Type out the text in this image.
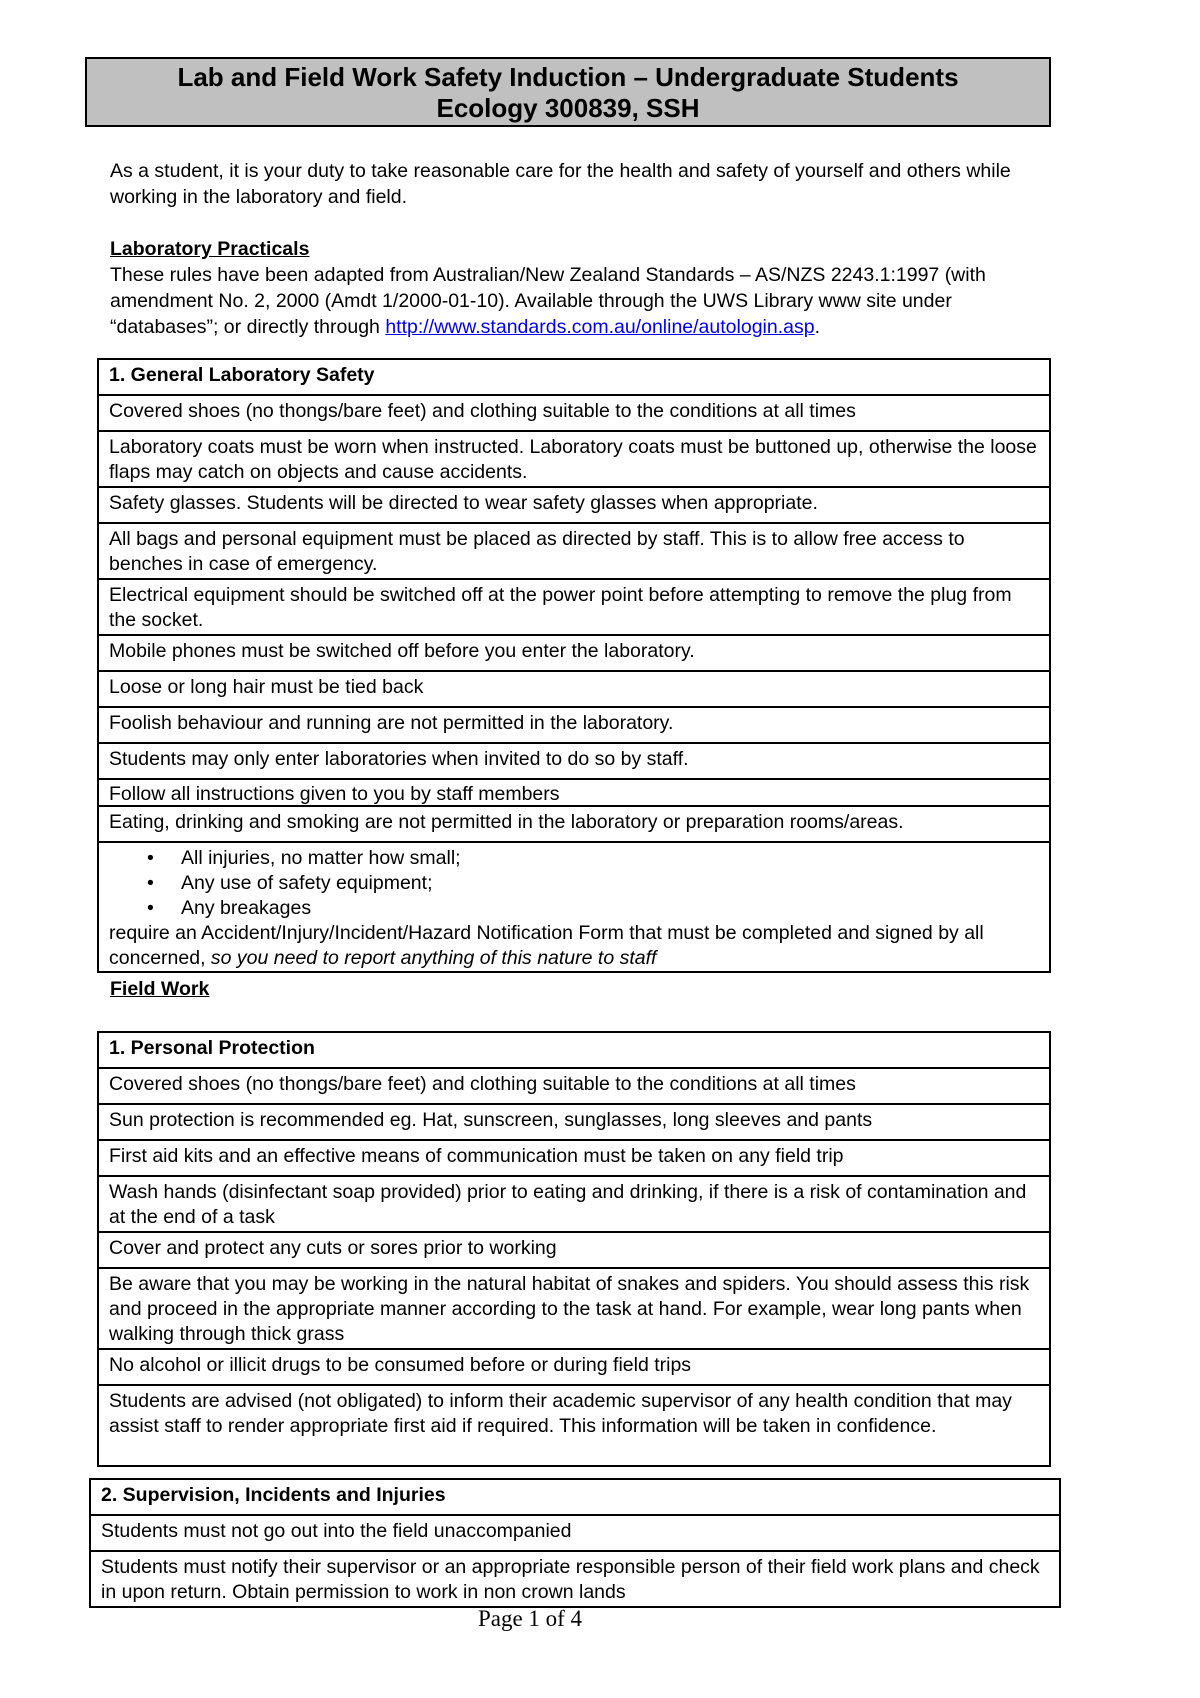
Lab and Field Work Safety Induction – Undergraduate Students
Ecology 300839, SSH

As a student, it is your duty to take reasonable care for the health and safety of yourself and others while working in the laboratory and field.

Laboratory Practicals

These rules have been adapted from Australian/New Zealand Standards – AS/NZS 2243.1:1997 (with amendment No. 2, 2000 (Amdt 1/2000-01-10). Available through the UWS Library www site under “databases”; or directly through http://www.standards.com.au/online/autologin.asp.

1. General Laboratory Safety
Covered shoes (no thongs/bare feet) and clothing suitable to the conditions at all times
Laboratory coats must be worn when instructed. Laboratory coats must be buttoned up, otherwise the loose flaps may catch on objects and cause accidents.
Safety glasses. Students will be directed to wear safety glasses when appropriate.
All bags and personal equipment must be placed as directed by staff. This is to allow free access to benches in case of emergency.
Electrical equipment should be switched off at the power point before attempting to remove the plug from the socket.
Mobile phones must be switched off before you enter the laboratory.
Loose or long hair must be tied back
Foolish behaviour and running are not permitted in the laboratory.
Students may only enter laboratories when invited to do so by staff.
Follow all instructions given to you by staff members
Eating, drinking and smoking are not permitted in the laboratory or preparation rooms/areas.

• All injuries, no matter how small;
• Any use of safety equipment;
• Any breakages
require an Accident/Injury/Incident/Hazard Notification Form that must be completed and signed by all concerned, so you need to report anything of this nature to staff
Field Work
1. Personal Protection
Covered shoes (no thongs/bare feet) and clothing suitable to the conditions at all times
Sun protection is recommended eg. Hat, sunscreen, sunglasses, long sleeves and pants
First aid kits and an effective means of communication must be taken on any field trip
Wash hands (disinfectant soap provided) prior to eating and drinking, if there is a risk of contamination and at the end of a task
Cover and protect any cuts or sores prior to working
Be aware that you may be working in the natural habitat of snakes and spiders. You should assess this risk and proceed in the appropriate manner according to the task at hand. For example, wear long pants when walking through thick grass
No alcohol or illicit drugs to be consumed before or during field trips
Students are advised (not obligated) to inform their academic supervisor of any health condition that may assist staff to render appropriate first aid if required. This information will be taken in confidence.
2. Supervision, Incidents and Injuries
Students must not go out into the field unaccompanied
Students must notify their supervisor or an appropriate responsible person of their field work plans and check in upon return. Obtain permission to work in non crown lands
Page 1 of 4
